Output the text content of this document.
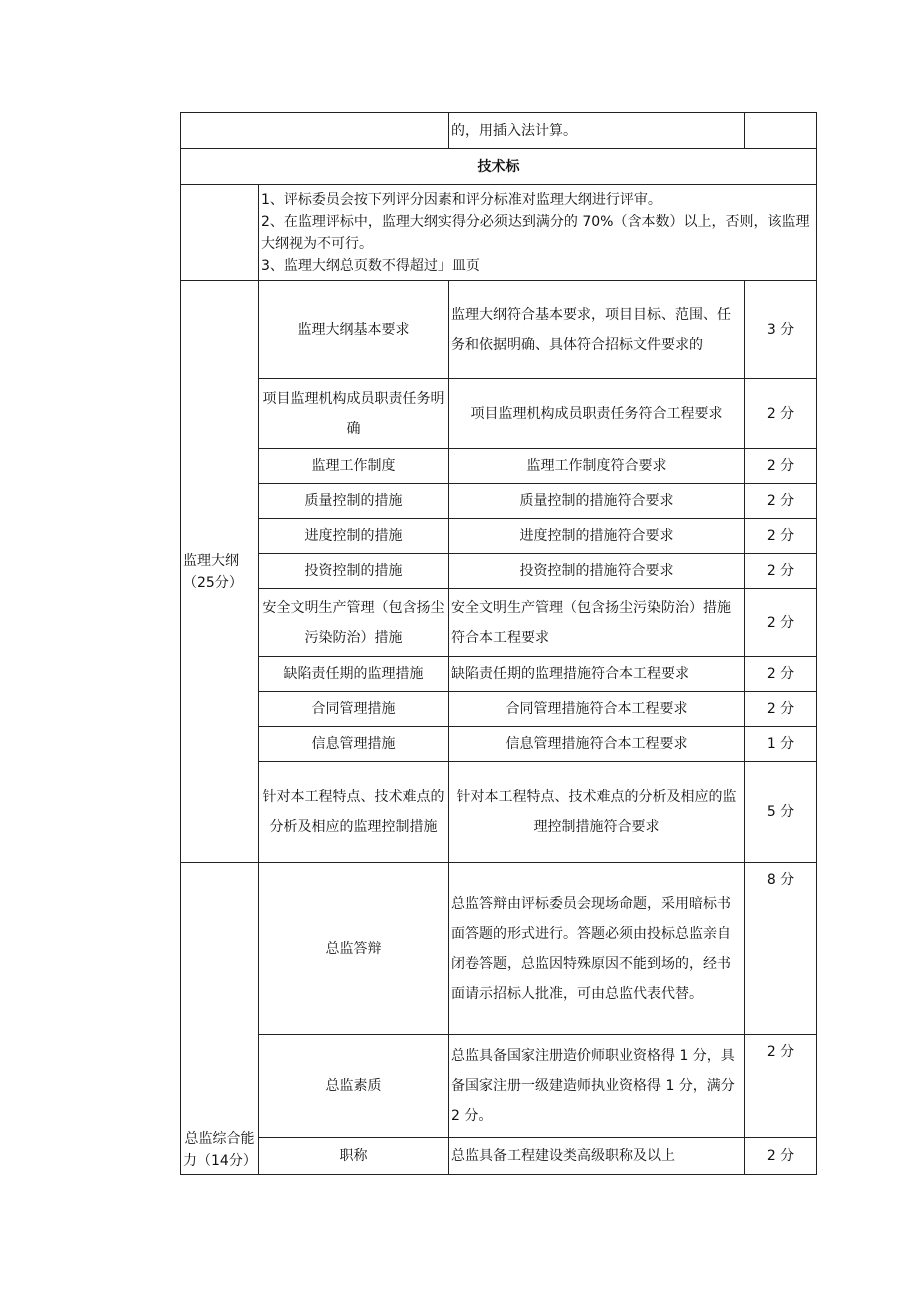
		的，用插入法计算。	
技术标			

	1、评标委员会按下列评分因素和评分标准对监理大纲进行评审。
2、在监理评标中，监理大纲实得分必须达到满分的 70%（含本数）以上，否则，该监理大纲视为不可行。
3、监理大纲总页数不得超过」皿页		

监理大纲（25分）	监理大纲基本要求	监理大纲符合基本要求，项目目标、范围、任务和依据明确、具体符合招标文件要求的	3 分
	项目监理机构成员职责任务明确	项目监理机构成员职责任务符合工程要求	2 分
	监理工作制度	监理工作制度符合要求	2 分
	质量控制的措施	质量控制的措施符合要求	2 分
	进度控制的措施	进度控制的措施符合要求	2 分
	投资控制的措施	投资控制的措施符合要求	2 分
	安全文明生产管理（包含扬尘污染防治）措施	安全文明生产管理（包含扬尘污染防治）措施符合本工程要求	2 分
	缺陷责任期的监理措施	缺陷责任期的监理措施符合本工程要求	2 分
	合同管理措施	合同管理措施符合本工程要求	2 分
	信息管理措施	信息管理措施符合本工程要求	1 分
	针对本工程特点、技术难点的分析及相应的监理控制措施	针对本工程特点、技术难点的分析及相应的监理控制措施符合要求	5 分
总监综合能力（14分）	总监答辩	总监答辩由评标委员会现场命题，采用暗标书面答题的形式进行。答题必须由投标总监亲自闭卷答题，总监因特殊原因不能到场的，经书面请示招标人批准，可由总监代表代替。	8 分
	总监素质	总监具备国家注册造价师职业资格得 1 分，具备国家注册一级建造师执业资格得 1 分，满分 2 分。	2 分
	职称	总监具备工程建设类高级职称及以上	2 分
